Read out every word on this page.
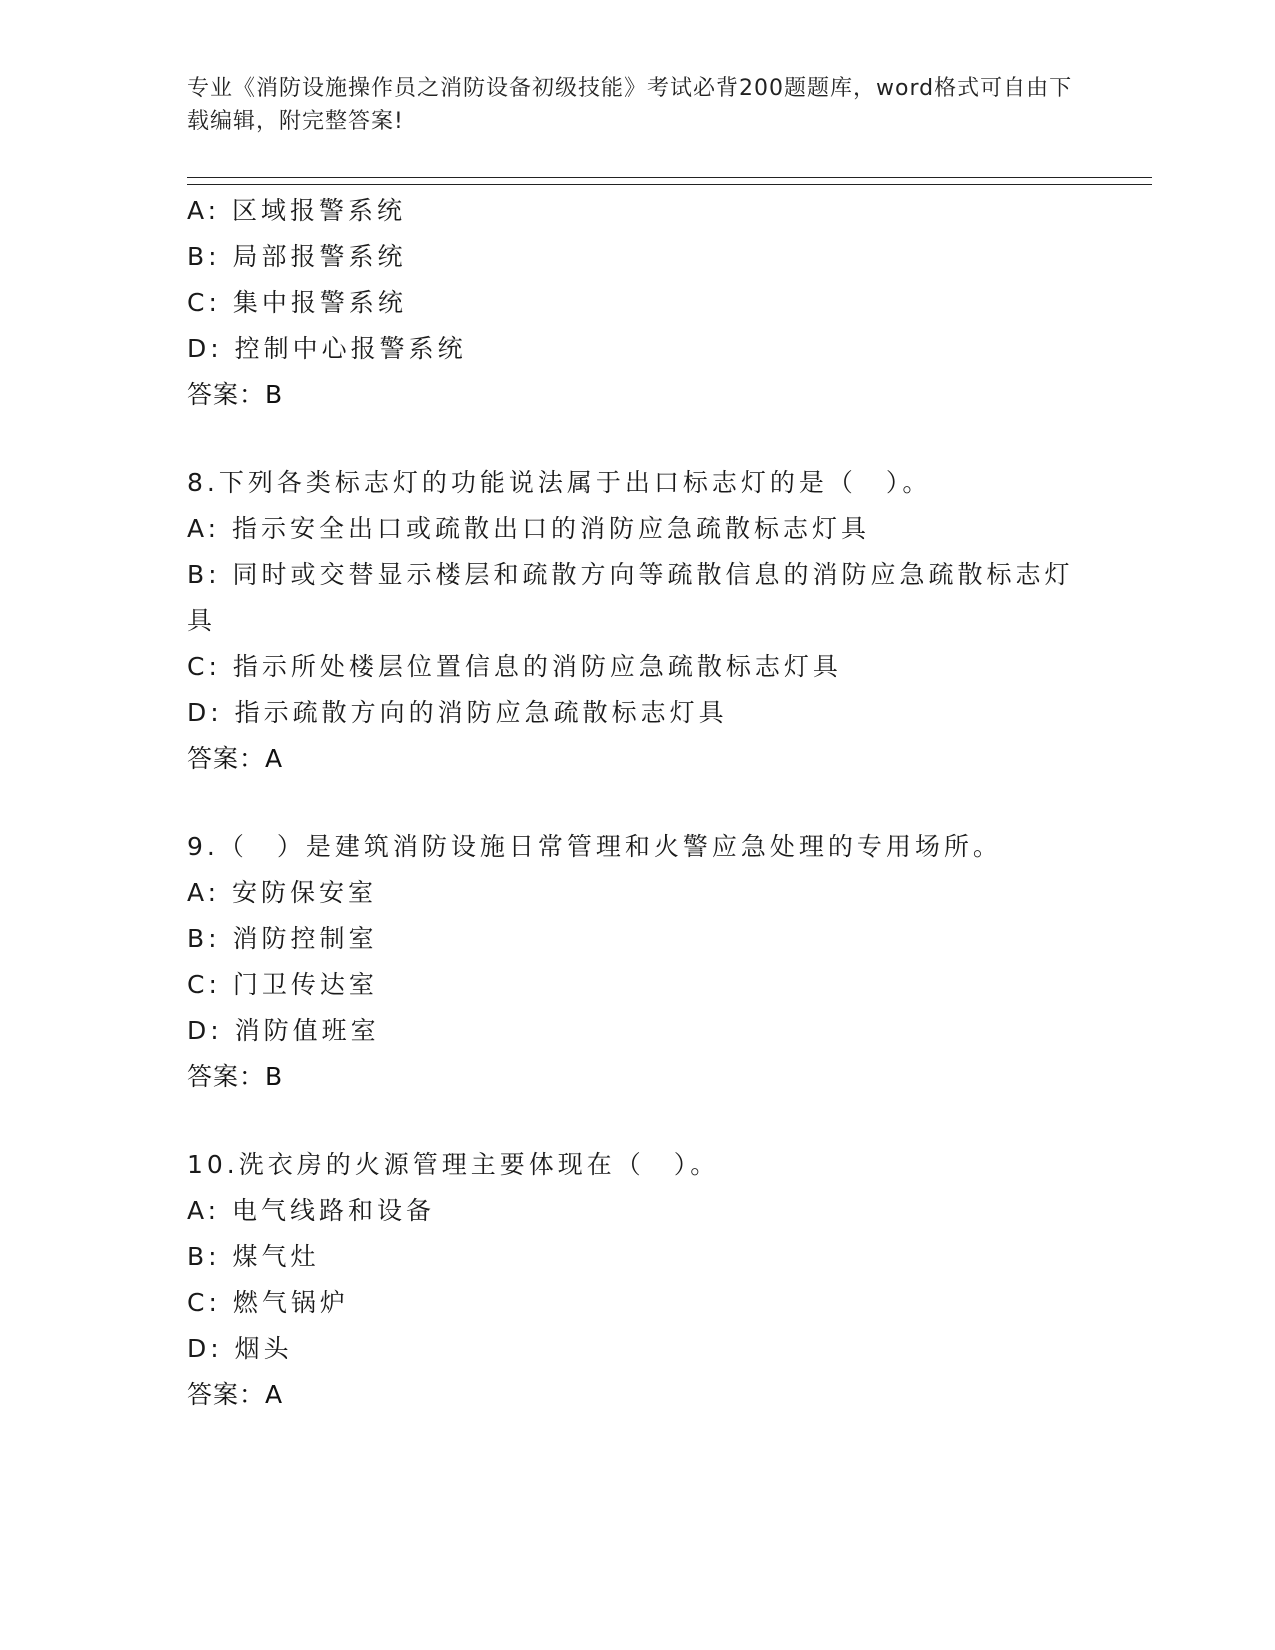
专业《消防设施操作员之消防设备初级技能》考试必背200题题库，word格式可自由下载编辑，附完整答案!
A: 区域报警系统
B: 局部报警系统
C: 集中报警系统
D: 控制中心报警系统
答案：B
8.下列各类标志灯的功能说法属于出口标志灯的是（　）。
A: 指示安全出口或疏散出口的消防应急疏散标志灯具
B: 同时或交替显示楼层和疏散方向等疏散信息的消防应急疏散标志灯具
C: 指示所处楼层位置信息的消防应急疏散标志灯具
D: 指示疏散方向的消防应急疏散标志灯具
答案：A
9.（　）是建筑消防设施日常管理和火警应急处理的专用场所。
A: 安防保安室
B: 消防控制室
C: 门卫传达室
D: 消防值班室
答案：B
10.洗衣房的火源管理主要体现在（　）。
A: 电气线路和设备
B: 煤气灶
C: 燃气锅炉
D: 烟头
答案：A
